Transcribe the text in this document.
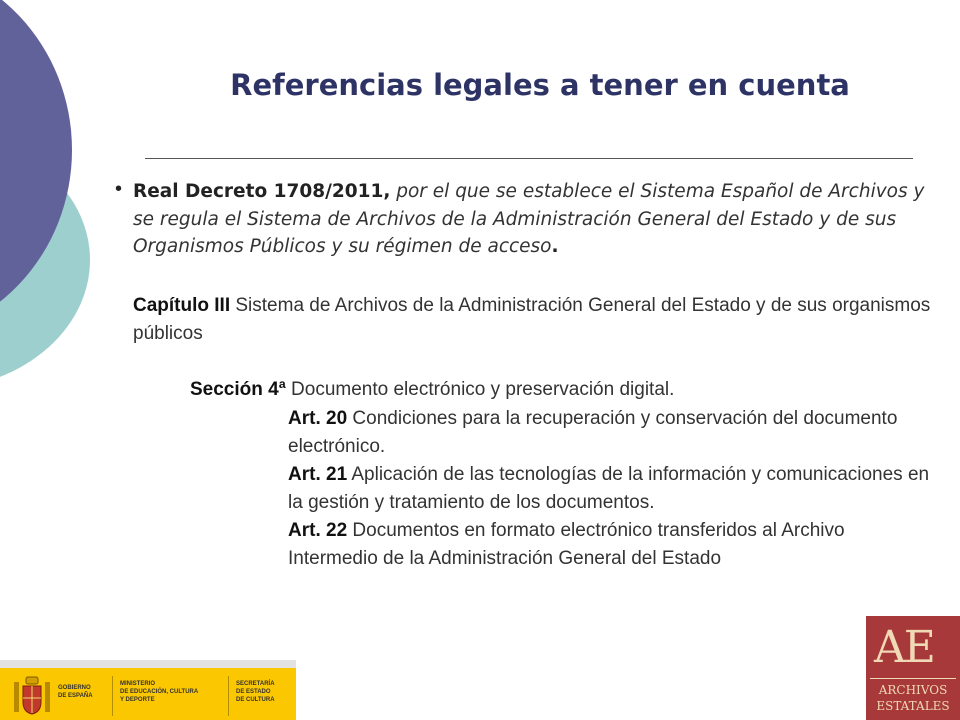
Referencias legales a tener en cuenta
• Real Decreto 1708/2011, por el que se establece el Sistema Español de Archivos y se regula el Sistema de Archivos de la Administración General del Estado y de sus Organismos Públicos y su régimen de acceso.

Capítulo III Sistema de Archivos de la Administración General del Estado y de sus organismos públicos

Sección 4ª Documento electrónico y preservación digital.

Art. 20 Condiciones para la recuperación y conservación del documento electrónico.

Art. 21 Aplicación de las tecnologías de la información y comunicaciones en la gestión y tratamiento de los documentos.

Art. 22 Documentos en formato electrónico transferidos al Archivo Intermedio de la Administración General del Estado

GOBIERNO
DE ESPAÑA
MINISTERIO
DE EDUCACIÓN, CULTURA
Y DEPORTE
SECRETARÍA
DE ESTADO
DE CULTURA
AE
ARCHIVOS
ESTATALES
